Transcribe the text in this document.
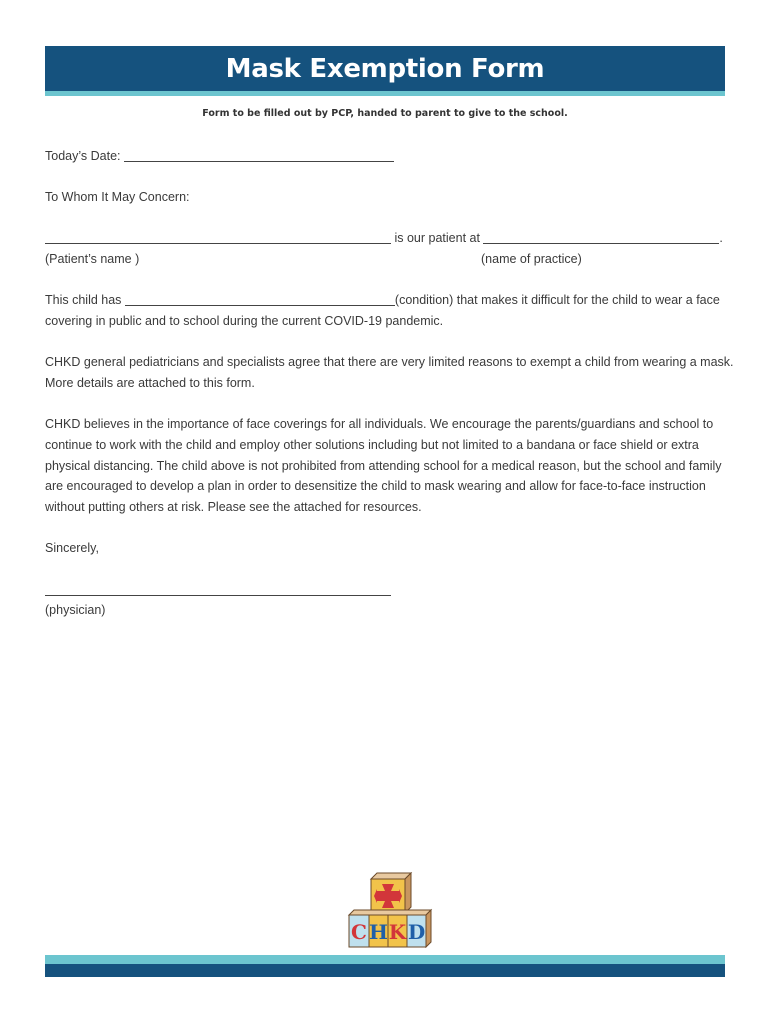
Mask Exemption Form
Form to be filled out by PCP, handed to parent to give to the school.
Today’s Date:
To Whom It May Concern:
is our patient at	.
(Patient’s name )	(name of practice)
This child has	(condition) that makes it difficult for the child to wear a face
covering in public and to school during the current COVID-19 pandemic.
CHKD general pediatricians and specialists agree that there are very limited reasons to exempt a child from wearing a mask. More details are attached to this form.
CHKD believes in the importance of face coverings for all individuals. We encourage the parents/guardians and school to continue to work with the child and employ other solutions including but not limited to a bandana or face shield or extra physical distancing. The child above is not prohibited from attending school for a medical reason, but the school and family are encouraged to develop a plan in order to desensitize the child to mask wearing and allow for face-to-face instruction without putting others at risk. Please see the attached for resources.
Sincerely,
(physician)
C H K D
